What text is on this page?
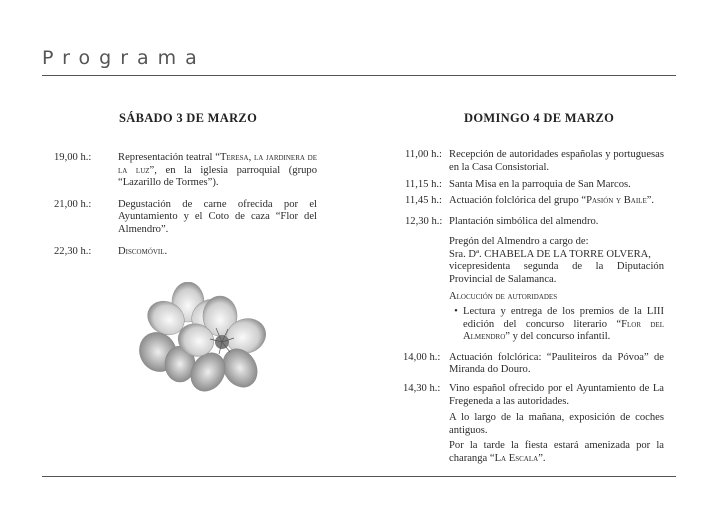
Programa
SÁBADO 3 DE MARZO
19,00 h.:	Representación teatral “Teresa, la jardinera de la luz”, en la iglesia parroquial (grupo “Lazarillo de Tormes”).
21,00 h.:	Degustación de carne ofrecida por el Ayuntamiento y el Coto de caza “Flor del Almendro”.
22,30 h.:	Discomóvil.
DOMINGO 4 DE MARZO
11,00 h.: Recepción de autoridades españolas y portuguesas en la Casa Consistorial.
11,15 h.: Santa Misa en la parroquia de San Marcos.
11,45 h.: Actuación folclórica del grupo “Pasión y Baile”.
12,30 h.: Plantación simbólica del almendro.
Pregón del Almendro a cargo de:
Sra. Dª. CHABELA DE LA TORRE OLVERA,
vicepresidenta segunda de la Diputación Provincial de Salamanca.
Alocución de autoridades
• Lectura y entrega de los premios de la LIII edición del concurso literario “Flor del Almendro” y del concurso infantil.
14,00 h.: Actuación folclórica: “Pauliteiros da Póvoa” de Miranda do Douro.
14,30 h.: Vino español ofrecido por el Ayuntamiento de La Fregeneda a las autoridades.
A lo largo de la mañana, exposición de coches antiguos.
Por la tarde la fiesta estará amenizada por la charanga “La Escala”.
